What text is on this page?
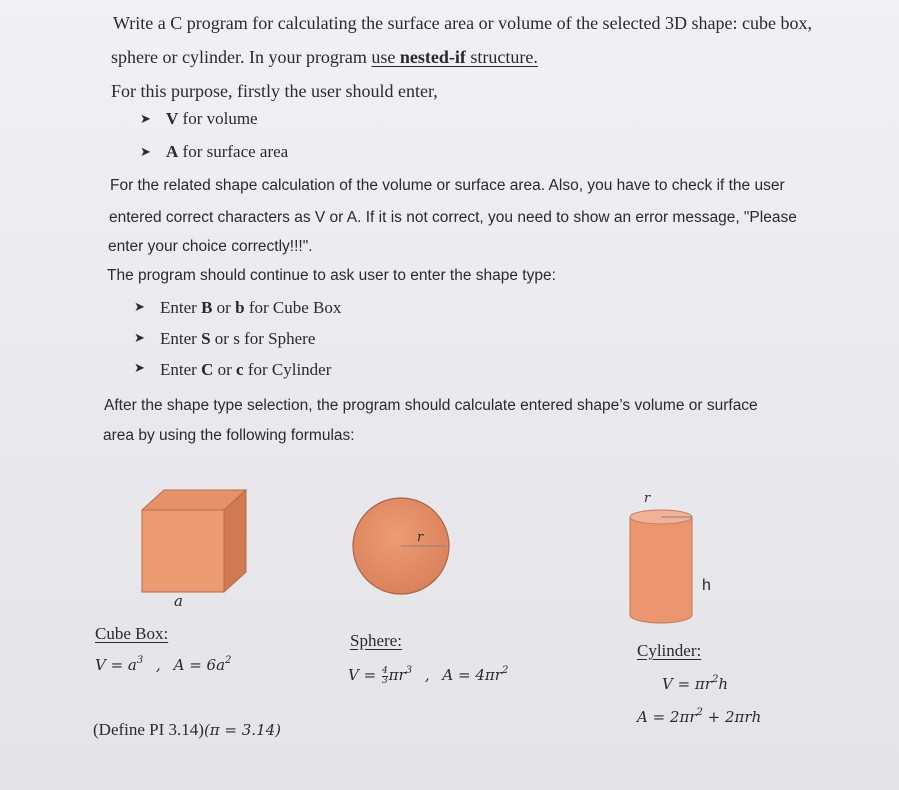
Write a C program for calculating the surface area or volume of the selected 3D shape: cube box,
sphere or cylinder. In your program use nested-if structure.
For this purpose, firstly the user should enter,
➤ V for volume
➤ A for surface area
For the related shape calculation of the volume or surface area. Also, you have to check if the user
entered correct characters as V or A. If it is not correct, you need to show an error message, "Please
enter your choice correctly!!!".
The program should continue to ask user to enter the shape type:
➤ Enter B or b for Cube Box
➤ Enter S or s for Sphere
➤ Enter C or c for Cylinder
After the shape type selection, the program should calculate entered shape’s volume or surface
area by using the following formulas:
a
r
r
h
Cube Box:
$V = a^3$ , $A = 6a^2$
Sphere:
$V = \frac{4}{3} \pi r^3$ , $A = 4\pi r^2$
Cylinder:
$V = \pi r^2h$
$A = 2\pi r^2 + 2\pi rh$
(Define PI 3.14)(π = 3.14)
